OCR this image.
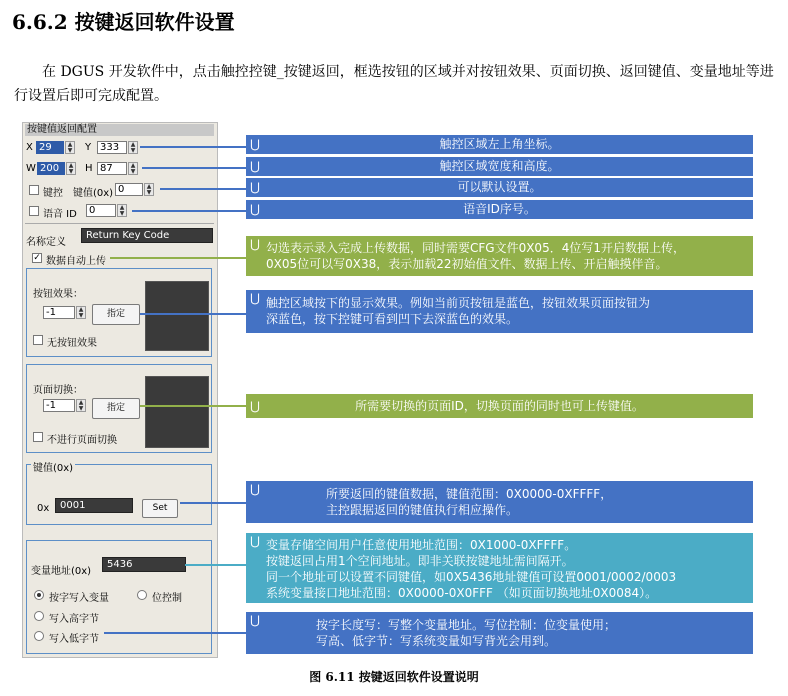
6.6.2 按键返回软件设置
在 DGUS 开发软件中，点击触控控键_按键返回，框选按钮的区域并对按钮效果、页面切换、返回键值、变量地址等进行设置后即可完成配置。
按键值返回配置
X 29	▲
▼ Y 333	▲
▼
W 200	▲
▼ H 87	▲
▼
键控 键值(0x) 0	▲
▼
语音 ID	0	▲
▼
名称定义
Return Key Code
✓ 数据自动上传
按钮效果：
-1	▲
▼	指定
无按钮效果
页面切换：
-1	▲
▼	指定
不进行页面切换
键值(0x)
0x	0001	Set
变量地址(0x)
5436
按字写入变量	位控制
写入高字节
写入低字节
⋃	触控区域左上角坐标。
⋃	触控区域宽度和高度。
⋃	可以默认设置。
⋃	语音ID序号。
⋃ 勾选表示录入完成上传数据，同时需要CFG文件0X05．4位写1开启数据上传，
0X05位可以写0X38，表示加载22初始值文件、数据上传、开启触摸伴音。
⋃ 触控区域按下的显示效果。例如当前页按钮是蓝色，按钮效果页面按钮为
深蓝色，按下控键可看到凹下去深蓝色的效果。
⋃	所需要切换的页面ID，切换页面的同时也可上传键值。
⋃	所要返回的键值数据，键值范围：0X0000-0XFFFF，
主控跟据返回的键值执行相应操作。
⋃ 变量存储空间用户任意使用地址范围：0X1000-0XFFFF。
按键返回占用1个空间地址。即非关联按键地址需间隔开。
同一个地址可以设置不同键值，如0X5436地址键值可设置0001/0002/0003
系统变量接口地址范围：0X0000-0X0FFF （如页面切换地址0X0084）。
⋃	按字长度写：写整个变量地址。写位控制：位变量使用；
写高、低字节：写系统变量如写背光会用到。
图 6.11 按键返回软件设置说明
